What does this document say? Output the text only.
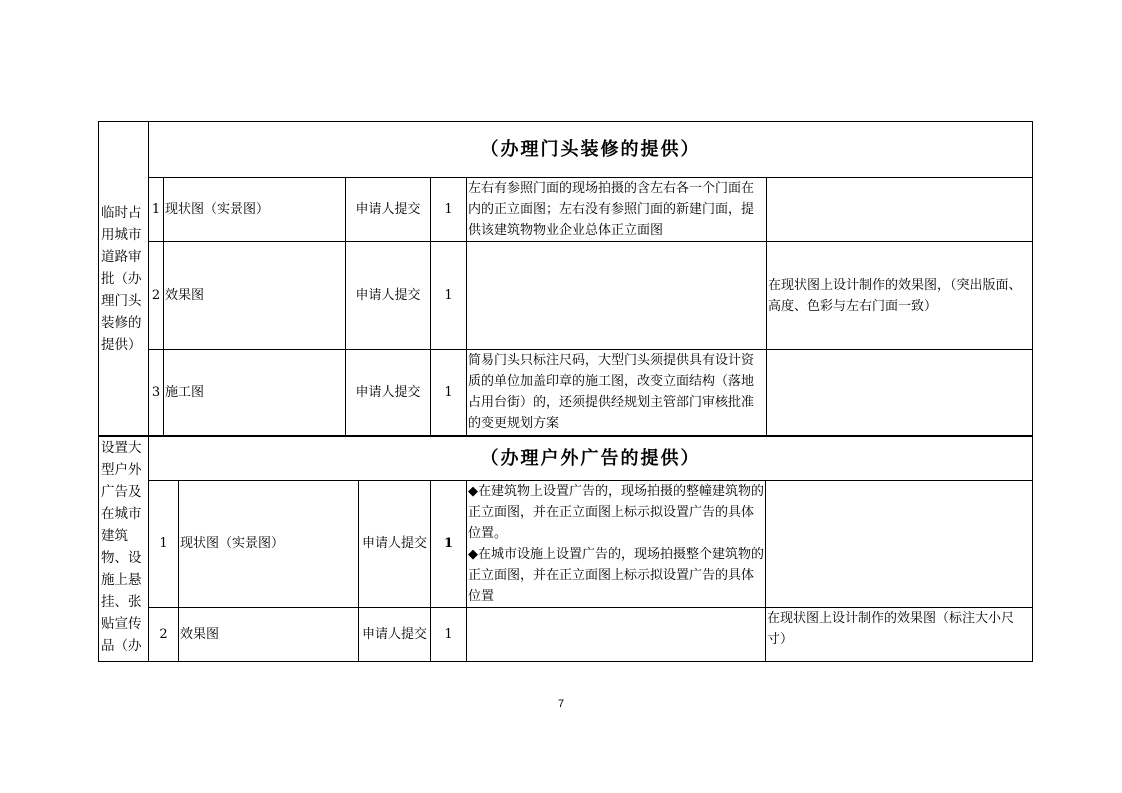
临时占用城市道路审批（办理门头装修的提供）	（办理门头装修的提供）					
	1	现状图（实景图）	申请人提交	1	左右有参照门面的现场拍摄的含左右各一个门面在内的正立面图；左右没有参照门面的新建门面，提供该建筑物物业企业总体正立面图	
	2	效果图	申请人提交	1		在现状图上设计制作的效果图，（突出版面、高度、色彩与左右门面一致）
	3	施工图	申请人提交	1	简易门头只标注尺码，大型门头须提供具有设计资质的单位加盖印章的施工图，改变立面结构（落地占用台街）的，还须提供经规划主管部门审核批准的变更规划方案	
设置大型户外广告及在城市建筑物、设施上悬挂、张贴宣传品（办	（办理户外广告的提供）					
	1	现状图（实景图）	申请人提交	1	◆在建筑物上设置广告的，现场拍摄的整幢建筑物的正立面图，并在正立面图上标示拟设置广告的具体位置。
◆在城市设施上设置广告的，现场拍摄整个建筑物的正立面图，并在正立面图上标示拟设置广告的具体位置	

	2	效果图	申请人提交	1		在现状图上设计制作的效果图（标注大小尺寸）
7
